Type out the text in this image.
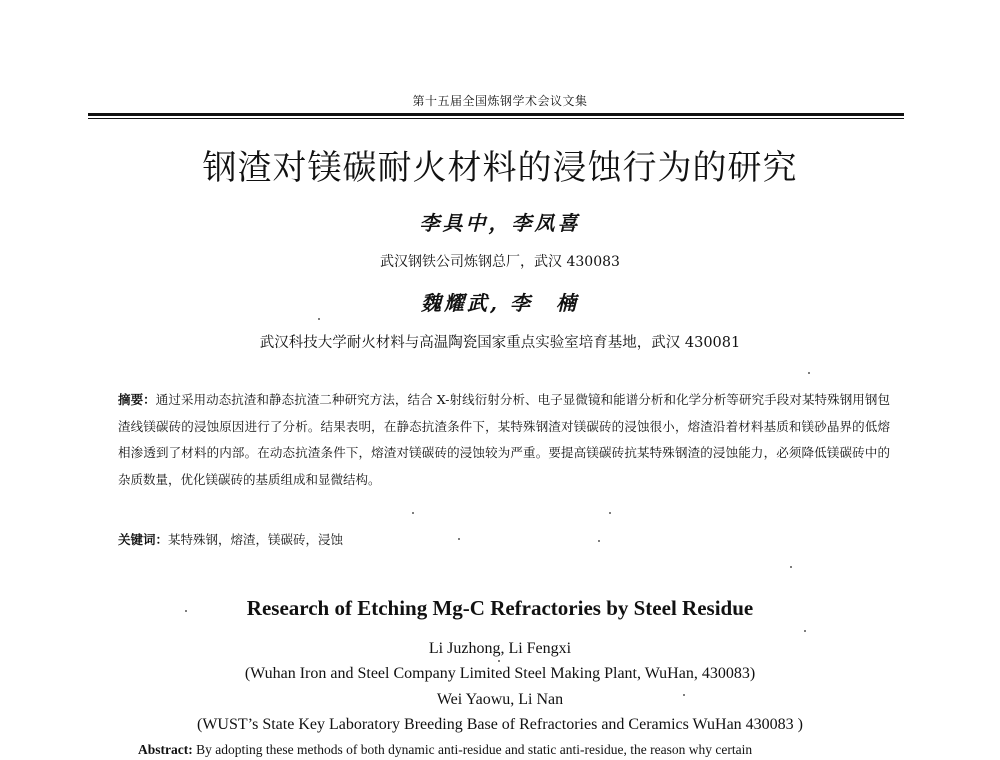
第十五届全国炼钢学术会议文集
钢渣对镁碳耐火材料的浸蚀行为的研究
李具中，李凤喜
武汉钢铁公司炼钢总厂，武汉 430083
魏耀武, 李　楠
武汉科技大学耐火材料与高温陶瓷国家重点实验室培育基地，武汉 430081
摘要：通过采用动态抗渣和静态抗渣二种研究方法，结合 X-射线衍射分析、电子显微镜和能谱分析和化学分析等研究手段对某特殊钢用钢包渣线镁碳砖的浸蚀原因进行了分析。结果表明，在静态抗渣条件下，某特殊钢渣对镁碳砖的浸蚀很小，熔渣沿着材料基质和镁砂晶界的低熔相渗透到了材料的内部。在动态抗渣条件下，熔渣对镁碳砖的浸蚀较为严重。要提高镁碳砖抗某特殊钢渣的浸蚀能力，必须降低镁碳砖中的杂质数量，优化镁碳砖的基质组成和显微结构。
关键词：某特殊钢，熔渣，镁碳砖，浸蚀
Research of Etching Mg-C Refractories by Steel Residue
Li Juzhong, Li Fengxi
(Wuhan Iron and Steel Company Limited Steel Making Plant, WuHan, 430083)
Wei Yaowu, Li Nan
(WUST’s State Key Laboratory Breeding Base of Refractories and Ceramics WuHan 430083 )
Abstract: By adopting these methods of both dynamic anti-residue and static anti-residue, the reason why certain
